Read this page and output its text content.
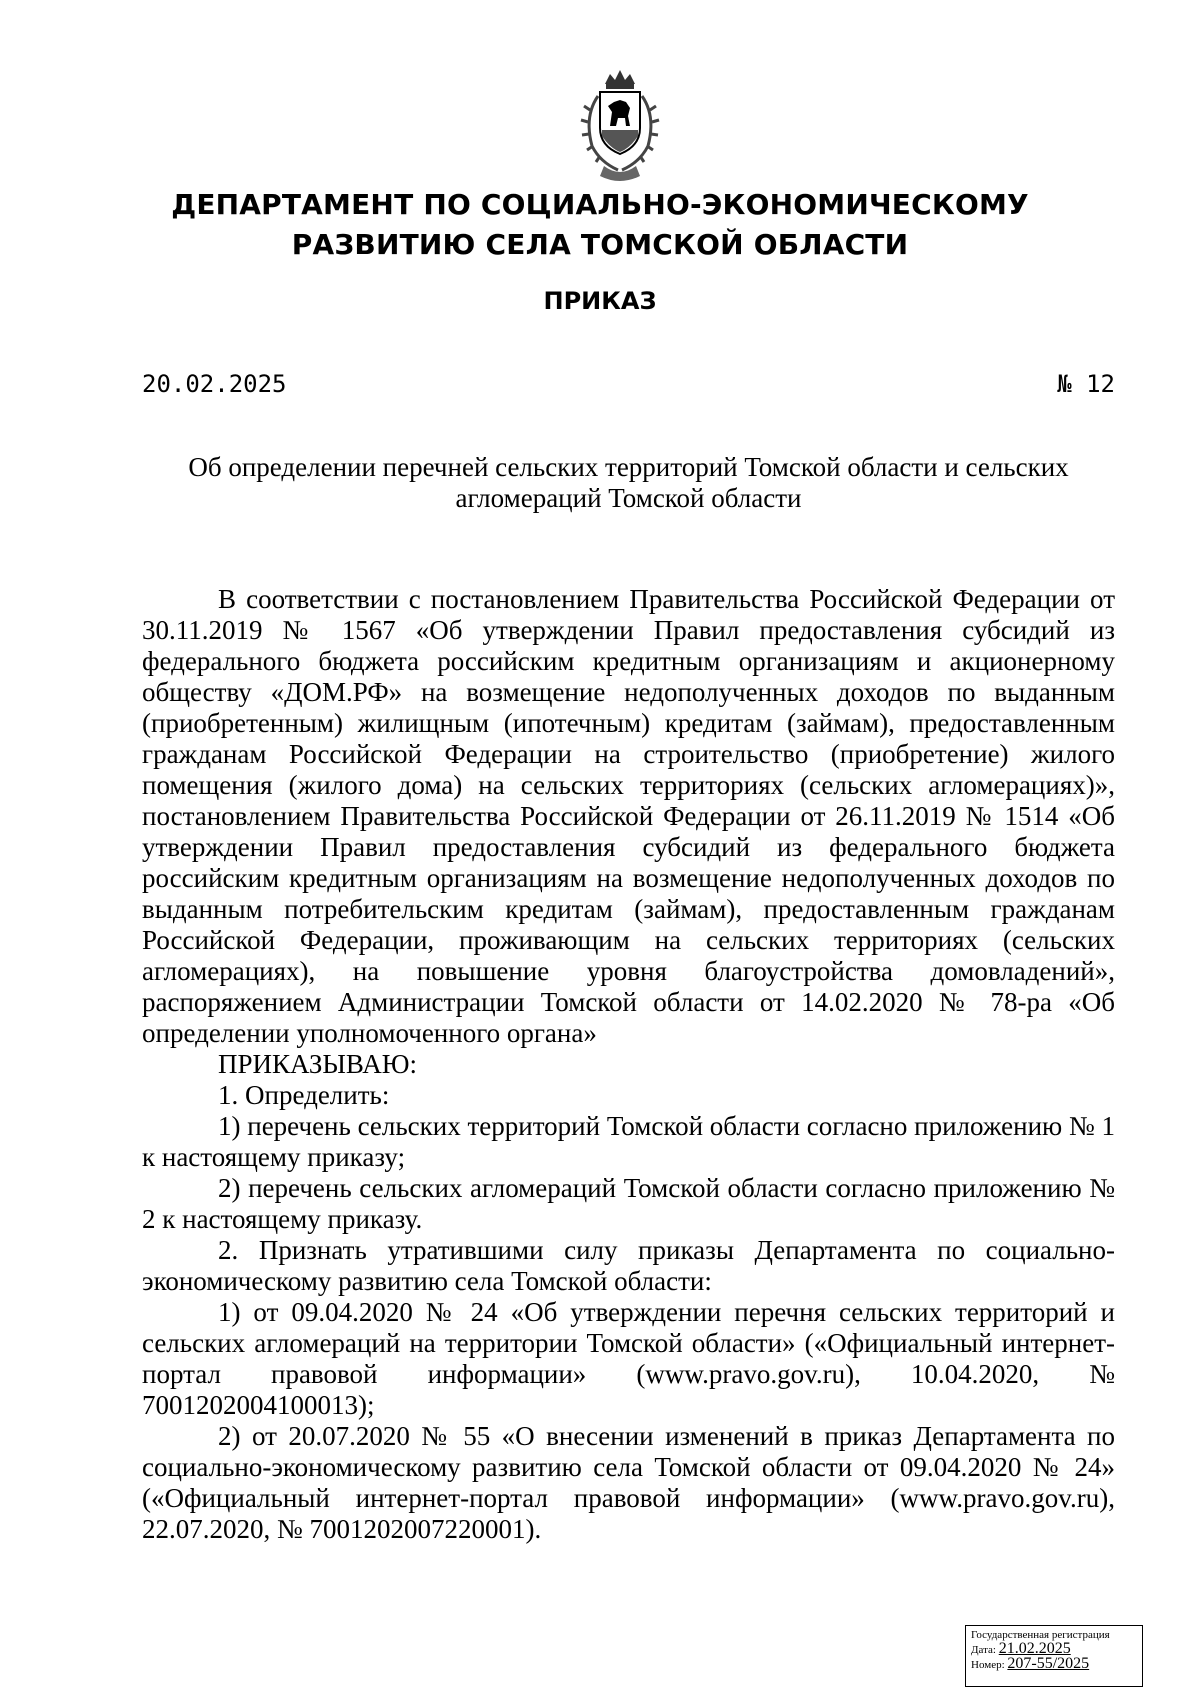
ДЕПАРТАМЕНТ ПО СОЦИАЛЬНО-ЭКОНОМИЧЕСКОМУ
РАЗВИТИЮ СЕЛА ТОМСКОЙ ОБЛАСТИ
ПРИКАЗ
20.02.2025	№ 12
Об определении перечней сельских территорий Томской области и сельских агломераций Томской области

В соответствии с постановлением Правительства Российской Федерации от 30.11.2019 № 1567 «Об утверждении Правил предоставления субсидий из федерального бюджета российским кредитным организациям и акционерному обществу «ДОМ.РФ» на возмещение недополученных доходов по выданным (приобретенным) жилищным (ипотечным) кредитам (займам), предоставленным гражданам Российской Федерации на строительство (приобретение) жилого помещения (жилого дома) на сельских территориях (сельских агломерациях)», постановлением Правительства Российской Федерации от 26.11.2019 № 1514 «Об утверждении Правил предоставления субсидий из федерального бюджета российским кредитным организациям на возмещение недополученных доходов по выданным потребительским кредитам (займам), предоставленным гражданам Российской Федерации, проживающим на сельских территориях (сельских агломерациях), на повышение уровня благоустройства домовладений», распоряжением Администрации Томской области от 14.02.2020 № 78-ра «Об определении уполномоченного органа»

ПРИКАЗЫВАЮ:

1. Определить:

1) перечень сельских территорий Томской области согласно приложению № 1 к настоящему приказу;

2) перечень сельских агломераций Томской области согласно приложению № 2 к настоящему приказу.

2. Признать утратившими силу приказы Департамента по социально-экономическому развитию села Томской области:

1) от 09.04.2020 № 24 «Об утверждении перечня сельских территорий и сельских агломераций на территории Томской области» («Официальный интернет-портал правовой информации» (www.pravo.gov.ru), 10.04.2020, № 7001202004100013);

2) от 20.07.2020 № 55 «О внесении изменений в приказ Департамента по социально-экономическому развитию села Томской области от 09.04.2020 № 24» («Официальный интернет-портал правовой информации» (www.pravo.gov.ru), 22.07.2020, № 7001202007220001).

Государственная регистрация
Дата: 21.02.2025
Номер: 207-55/2025
